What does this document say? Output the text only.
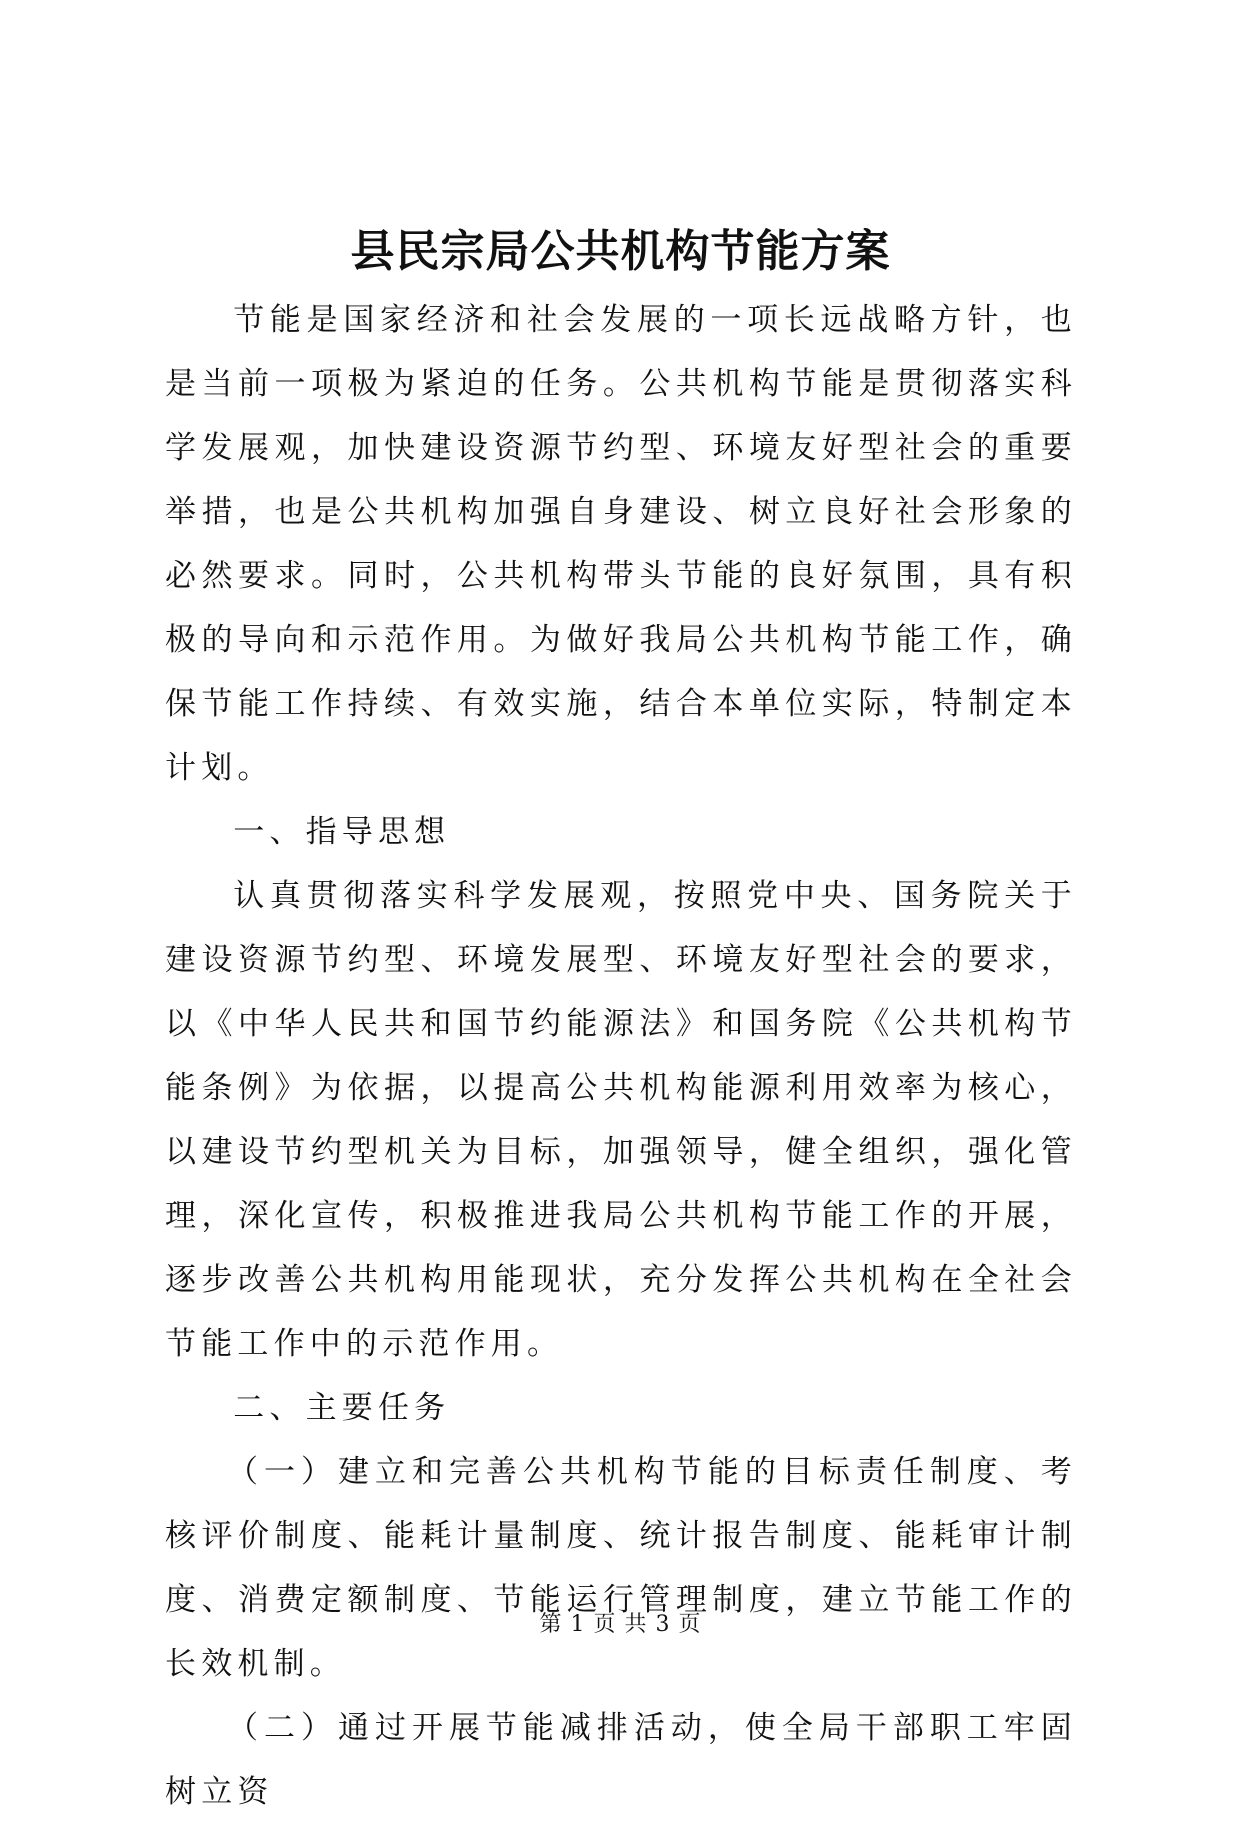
县民宗局公共机构节能方案

节能是国家经济和社会发展的一项长远战略方针，也是当前一项极为紧迫的任务。公共机构节能是贯彻落实科学发展观，加快建设资源节约型、环境友好型社会的重要举措，也是公共机构加强自身建设、树立良好社会形象的必然要求。同时，公共机构带头节能的良好氛围，具有积极的导向和示范作用。为做好我局公共机构节能工作，确保节能工作持续、有效实施，结合本单位实际，特制定本计划。

一、指导思想

认真贯彻落实科学发展观，按照党中央、国务院关于建设资源节约型、环境发展型、环境友好型社会的要求，以《中华人民共和国节约能源法》和国务院《公共机构节能条例》为依据，以提高公共机构能源利用效率为核心，以建设节约型机关为目标，加强领导，健全组织，强化管理，深化宣传，积极推进我局公共机构节能工作的开展，逐步改善公共机构用能现状，充分发挥公共机构在全社会节能工作中的示范作用。

二、主要任务

（一）建立和完善公共机构节能的目标责任制度、考核评价制度、能耗计量制度、统计报告制度、能耗审计制度、消费定额制度、节能运行管理制度，建立节能工作的长效机制。

（二）通过开展节能减排活动，使全局干部职工牢固树立资

第 1 页 共 3 页
